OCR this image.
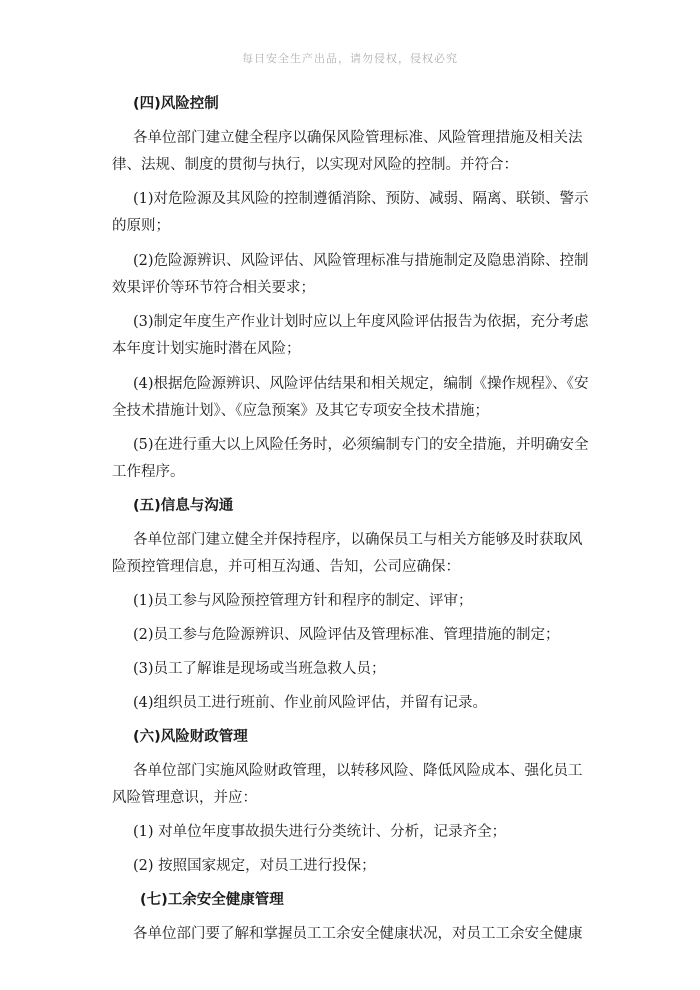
每日安全生产出品，请勿侵权，侵权必究
(四)风险控制
各单位部门建立健全程序以确保风险管理标准、风险管理措施及相关法
律、法规、制度的贯彻与执行，以实现对风险的控制。并符合：
(1)对危险源及其风险的控制遵循消除、预防、减弱、隔离、联锁、警示
的原则；
(2)危险源辨识、风险评估、风险管理标准与措施制定及隐患消除、控制
效果评价等环节符合相关要求；
(3)制定年度生产作业计划时应以上年度风险评估报告为依据，充分考虑
本年度计划实施时潜在风险；
(4)根据危险源辨识、风险评估结果和相关规定，编制《操作规程》、《安
全技术措施计划》、《应急预案》及其它专项安全技术措施；
(5)在进行重大以上风险任务时，必须编制专门的安全措施，并明确安全
工作程序。
(五)信息与沟通
各单位部门建立健全并保持程序，以确保员工与相关方能够及时获取风
险预控管理信息，并可相互沟通、告知，公司应确保：
(1)员工参与风险预控管理方针和程序的制定、评审；
(2)员工参与危险源辨识、风险评估及管理标准、管理措施的制定；
(3)员工了解谁是现场或当班急救人员；
(4)组织员工进行班前、作业前风险评估，并留有记录。
(六)风险财政管理
各单位部门实施风险财政管理，以转移风险、降低风险成本、强化员工
风险管理意识，并应：
(1) 对单位年度事故损失进行分类统计、分析，记录齐全；
(2) 按照国家规定，对员工进行投保；
(七)工余安全健康管理
各单位部门要了解和掌握员工工余安全健康状况，对员工工余安全健康
